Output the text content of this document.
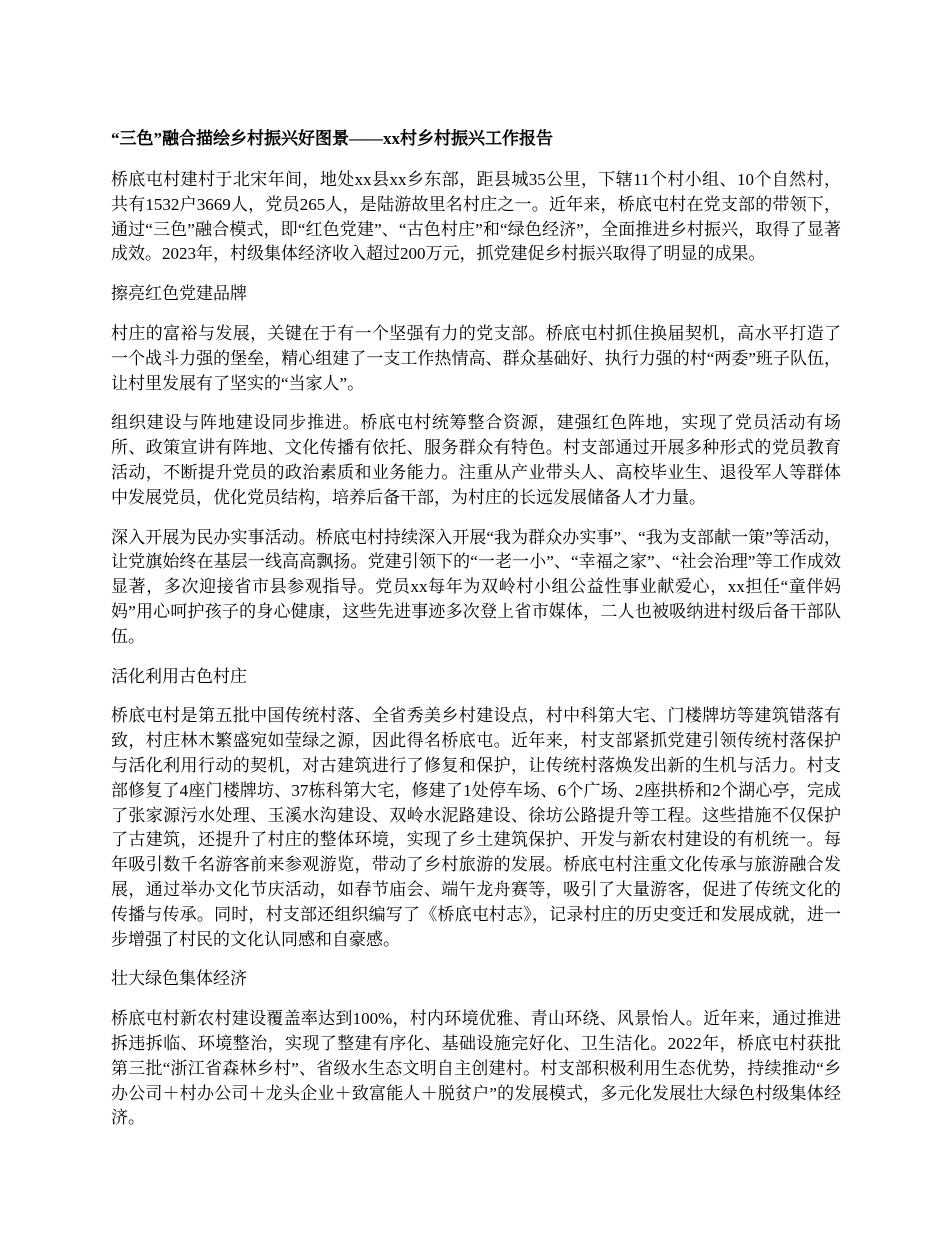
“三色”融合描绘乡村振兴好图景——xx村乡村振兴工作报告

桥底屯村建村于北宋年间，地处xx县xx乡东部，距县城35公里，下辖11个村小组、10个自然村，共有1532户3669人，党员265人，是陆游故里名村庄之一。近年来，桥底屯村在党支部的带领下，通过“三色”融合模式，即“红色党建”、“古色村庄”和“绿色经济”，全面推进乡村振兴，取得了显著成效。2023年，村级集体经济收入超过200万元，抓党建促乡村振兴取得了明显的成果。

擦亮红色党建品牌

村庄的富裕与发展，关键在于有一个坚强有力的党支部。桥底屯村抓住换届契机，高水平打造了一个战斗力强的堡垒，精心组建了一支工作热情高、群众基础好、执行力强的村“两委”班子队伍，让村里发展有了坚实的“当家人”。

组织建设与阵地建设同步推进。桥底屯村统筹整合资源，建强红色阵地，实现了党员活动有场所、政策宣讲有阵地、文化传播有依托、服务群众有特色。村支部通过开展多种形式的党员教育活动，不断提升党员的政治素质和业务能力。注重从产业带头人、高校毕业生、退役军人等群体中发展党员，优化党员结构，培养后备干部，为村庄的长远发展储备人才力量。

深入开展为民办实事活动。桥底屯村持续深入开展“我为群众办实事”、“我为支部献一策”等活动，让党旗始终在基层一线高高飘扬。党建引领下的“一老一小”、“幸福之家”、“社会治理”等工作成效显著，多次迎接省市县参观指导。党员xx每年为双岭村小组公益性事业献爱心，xx担任“童伴妈妈”用心呵护孩子的身心健康，这些先进事迹多次登上省市媒体，二人也被吸纳进村级后备干部队伍。

活化利用古色村庄

桥底屯村是第五批中国传统村落、全省秀美乡村建设点，村中科第大宅、门楼牌坊等建筑错落有致，村庄林木繁盛宛如莹绿之源，因此得名桥底屯。近年来，村支部紧抓党建引领传统村落保护与活化利用行动的契机，对古建筑进行了修复和保护，让传统村落焕发出新的生机与活力。村支部修复了4座门楼牌坊、37栋科第大宅，修建了1处停车场、6个广场、2座拱桥和2个湖心亭，完成了张家源污水处理、玉溪水沟建设、双岭水泥路建设、徐坊公路提升等工程。这些措施不仅保护了古建筑，还提升了村庄的整体环境，实现了乡土建筑保护、开发与新农村建设的有机统一。每年吸引数千名游客前来参观游览，带动了乡村旅游的发展。桥底屯村注重文化传承与旅游融合发展，通过举办文化节庆活动，如春节庙会、端午龙舟赛等，吸引了大量游客，促进了传统文化的传播与传承。同时，村支部还组织编写了《桥底屯村志》，记录村庄的历史变迁和发展成就，进一步增强了村民的文化认同感和自豪感。

壮大绿色集体经济

桥底屯村新农村建设覆盖率达到100%，村内环境优雅、青山环绕、风景怡人。近年来，通过推进拆违拆临、环境整治，实现了整建有序化、基础设施完好化、卫生洁化。2022年，桥底屯村获批第三批“浙江省森林乡村”、省级水生态文明自主创建村。村支部积极利用生态优势，持续推动“乡办公司＋村办公司＋龙头企业＋致富能人＋脱贫户”的发展模式，多元化发展壮大绿色村级集体经济。
